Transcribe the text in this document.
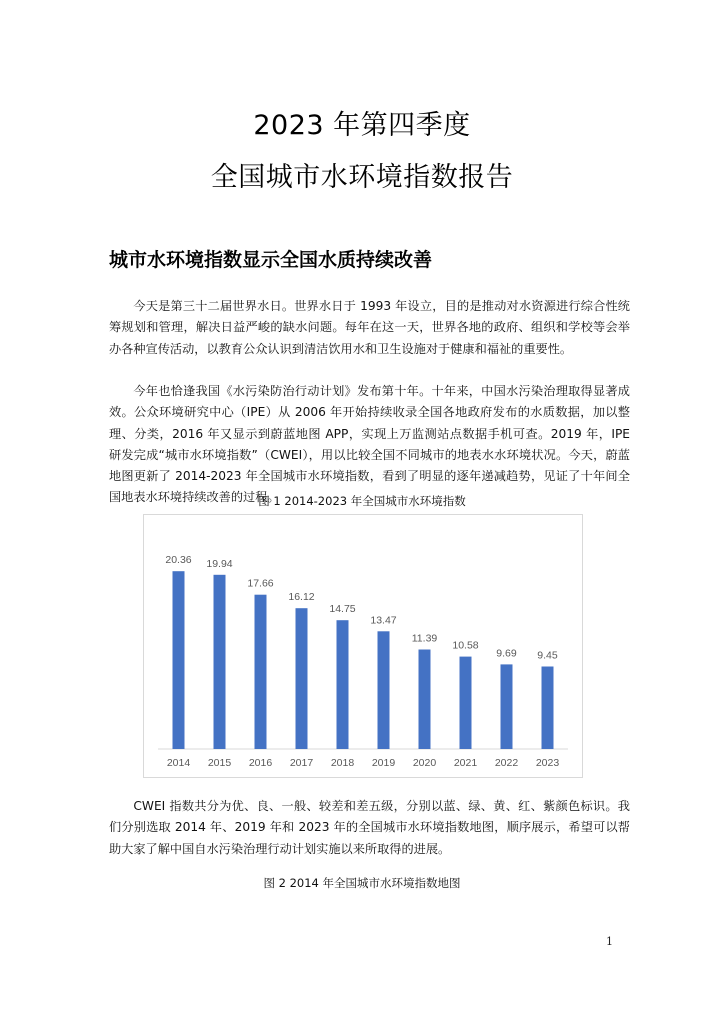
2023 年第四季度
全国城市水环境指数报告
城市水环境指数显示全国水质持续改善

今天是第三十二届世界水日。世界水日于 1993 年设立，目的是推动对水资源进行综合性统筹规划和管理，解决日益严峻的缺水问题。每年在这一天，世界各地的政府、组织和学校等会举办各种宣传活动，以教育公众认识到清洁饮用水和卫生设施对于健康和福祉的重要性。

今年也恰逢我国《水污染防治行动计划》发布第十年。十年来，中国水污染治理取得显著成效。公众环境研究中心（IPE）从 2006 年开始持续收录全国各地政府发布的水质数据，加以整理、分类，2016 年又显示到蔚蓝地图 APP，实现上万监测站点数据手机可查。2019 年，IPE 研发完成“城市水环境指数”（CWEI），用以比较全国不同城市的地表水水环境状况。今天，蔚蓝地图更新了 2014-2023 年全国城市水环境指数，看到了明显的逐年递减趋势，见证了十年间全国地表水环境持续改善的过程。

图 1 2014-2023 年全国城市水环境指数

20.36
2014
19.94
2015
17.66
2016
16.12
2017
14.75
2018
13.47
2019
11.39
2020
10.58
2021
9.69
2022
9.45
2023

CWEI 指数共分为优、良、一般、较差和差五级，分别以蓝、绿、黄、红、紫颜色标识。我们分别选取 2014 年、2019 年和 2023 年的全国城市水环境指数地图，顺序展示，希望可以帮助大家了解中国自水污染治理行动计划实施以来所取得的进展。

图 2 2014 年全国城市水环境指数地图

1
